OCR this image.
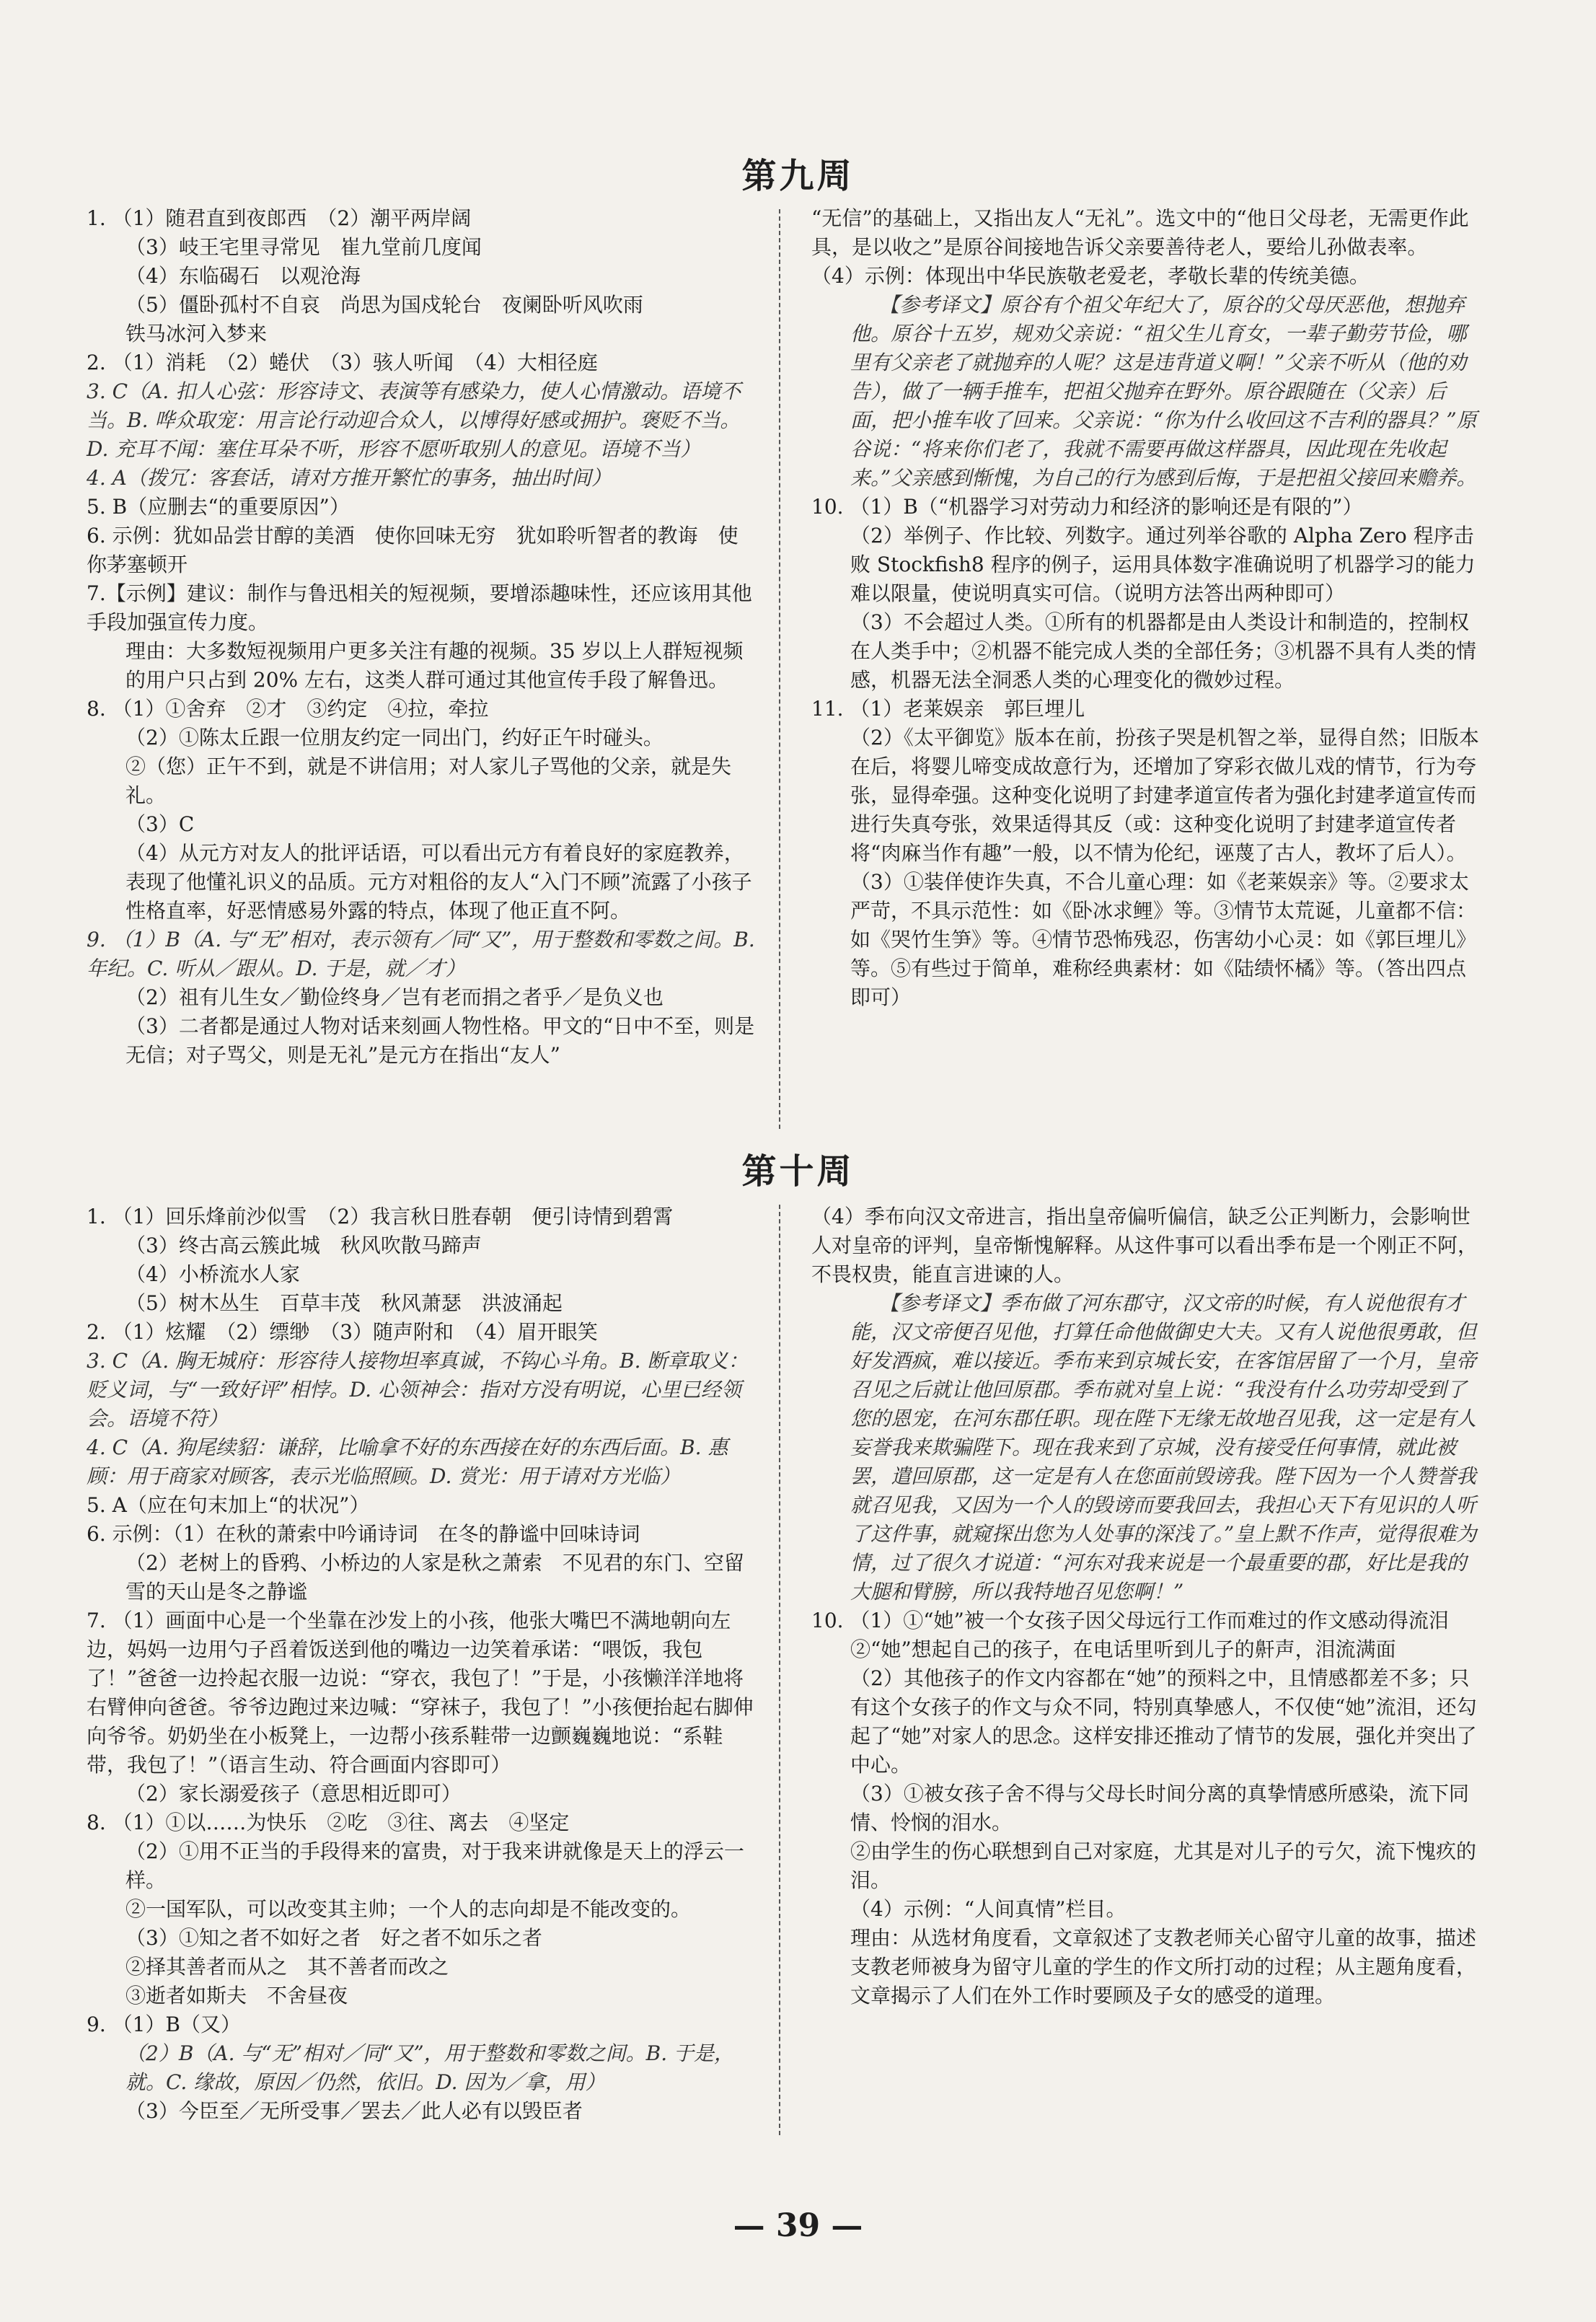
第九周

1. （1）随君直到夜郎西　（2）潮平两岸阔

（3）岐王宅里寻常见　崔九堂前几度闻

（4）东临碣石　以观沧海

（5）僵卧孤村不自哀　尚思为国戍轮台　夜阑卧听风吹雨

铁马冰河入梦来

2. （1）消耗　（2）蜷伏　（3）骇人听闻　（4）大相径庭

3. C（A. 扣人心弦：形容诗文、表演等有感染力，使人心情激动。语境不当。B. 哗众取宠：用言论行动迎合众人，以博得好感或拥护。褒贬不当。D. 充耳不闻：塞住耳朵不听，形容不愿听取别人的意见。语境不当）

4. A（拨冗：客套话，请对方推开繁忙的事务，抽出时间）

5. B（应删去“的重要原因”）

6. 示例：犹如品尝甘醇的美酒　使你回味无穷　犹如聆听智者的教诲　使你茅塞顿开

7.【示例】建议：制作与鲁迅相关的短视频，要增添趣味性，还应该用其他手段加强宣传力度。

理由：大多数短视频用户更多关注有趣的视频。35 岁以上人群短视频的用户只占到 20% 左右，这类人群可通过其他宣传手段了解鲁迅。

8. （1）①舍弃　②才　③约定　④拉，牵拉

（2）①陈太丘跟一位朋友约定一同出门，约好正午时碰头。

②（您）正午不到，就是不讲信用；对人家儿子骂他的父亲，就是失礼。

（3）C

（4）从元方对友人的批评话语，可以看出元方有着良好的家庭教养，表现了他懂礼识义的品质。元方对粗俗的友人“入门不顾”流露了小孩子性格直率，好恶情感易外露的特点，体现了他正直不阿。

9. （1）B（A. 与“无”相对，表示领有／同“又”，用于整数和零数之间。B. 年纪。C. 听从／跟从。D. 于是，就／才）

（2）祖有儿生女／勤俭终身／岂有老而捐之者乎／是负义也

（3）二者都是通过人物对话来刻画人物性格。甲文的“日中不至，则是无信；对子骂父，则是无礼”是元方在指出“友人”

“无信”的基础上，又指出友人“无礼”。选文中的“他日父母老，无需更作此具，是以收之”是原谷间接地告诉父亲要善待老人，要给儿孙做表率。

（4）示例：体现出中华民族敬老爱老，孝敬长辈的传统美德。

【参考译文】原谷有个祖父年纪大了，原谷的父母厌恶他，想抛弃他。原谷十五岁，规劝父亲说：“祖父生儿育女，一辈子勤劳节俭，哪里有父亲老了就抛弃的人呢？这是违背道义啊！”父亲不听从（他的劝告），做了一辆手推车，把祖父抛弃在野外。原谷跟随在（父亲）后面，把小推车收了回来。父亲说：“你为什么收回这不吉利的器具？”原谷说：“将来你们老了，我就不需要再做这样器具，因此现在先收起来。”父亲感到惭愧，为自己的行为感到后悔，于是把祖父接回来赡养。

10. （1）B（“机器学习对劳动力和经济的影响还是有限的”）

（2）举例子、作比较、列数字。通过列举谷歌的 Alpha Zero 程序击败 Stockfish8 程序的例子，运用具体数字准确说明了机器学习的能力难以限量，使说明真实可信。（说明方法答出两种即可）

（3）不会超过人类。①所有的机器都是由人类设计和制造的，控制权在人类手中；②机器不能完成人类的全部任务；③机器不具有人类的情感，机器无法全洞悉人类的心理变化的微妙过程。

11. （1）老莱娱亲　郭巨埋儿

（2）《太平御览》版本在前，扮孩子哭是机智之举，显得自然；旧版本在后，将婴儿啼变成故意行为，还增加了穿彩衣做儿戏的情节，行为夸张，显得牵强。这种变化说明了封建孝道宣传者为强化封建孝道宣传而进行失真夸张，效果适得其反（或：这种变化说明了封建孝道宣传者将“肉麻当作有趣”一般，以不情为伦纪，诬蔑了古人，教坏了后人）。

（3）①装佯使诈失真，不合儿童心理：如《老莱娱亲》等。②要求太严苛，不具示范性：如《卧冰求鲤》等。③情节太荒诞，儿童都不信：如《哭竹生笋》等。④情节恐怖残忍，伤害幼小心灵：如《郭巨埋儿》等。⑤有些过于简单，难称经典素材：如《陆绩怀橘》等。（答出四点即可）

第十周

1. （1）回乐烽前沙似雪　（2）我言秋日胜春朝　便引诗情到碧霄

（3）终古高云簇此城　秋风吹散马蹄声

（4）小桥流水人家

（5）树木丛生　百草丰茂　秋风萧瑟　洪波涌起

2. （1）炫耀　（2）缥缈　（3）随声附和　（4）眉开眼笑

3. C（A. 胸无城府：形容待人接物坦率真诚，不钩心斗角。B. 断章取义：贬义词，与“一致好评”相悖。D. 心领神会：指对方没有明说，心里已经领会。语境不符）

4. C（A. 狗尾续貂：谦辞，比喻拿不好的东西接在好的东西后面。B. 惠顾：用于商家对顾客，表示光临照顾。D. 赏光：用于请对方光临）

5. A（应在句末加上“的状况”）

6. 示例：（1）在秋的萧索中吟诵诗词　在冬的静谧中回味诗词

（2）老树上的昏鸦、小桥边的人家是秋之萧索　不见君的东门、空留雪的天山是冬之静谧

7. （1）画面中心是一个坐靠在沙发上的小孩，他张大嘴巴不满地朝向左边，妈妈一边用勺子舀着饭送到他的嘴边一边笑着承诺：“喂饭，我包了！”爸爸一边拎起衣服一边说：“穿衣，我包了！”于是，小孩懒洋洋地将右臂伸向爸爸。爷爷边跑过来边喊：“穿袜子，我包了！”小孩便抬起右脚伸向爷爷。奶奶坐在小板凳上，一边帮小孩系鞋带一边颤巍巍地说：“系鞋带，我包了！”（语言生动、符合画面内容即可）

（2）家长溺爱孩子（意思相近即可）

8. （1）①以……为快乐　②吃　③往、离去　④坚定

（2）①用不正当的手段得来的富贵，对于我来讲就像是天上的浮云一样。

②一国军队，可以改变其主帅；一个人的志向却是不能改变的。

（3）①知之者不如好之者　好之者不如乐之者

②择其善者而从之　其不善者而改之

③逝者如斯夫　不舍昼夜

9. （1）B（又）

（2）B（A. 与“无”相对／同“又”，用于整数和零数之间。B. 于是，就。C. 缘故，原因／仍然，依旧。D. 因为／拿，用）

（3）今臣至／无所受事／罢去／此人必有以毁臣者

（4）季布向汉文帝进言，指出皇帝偏听偏信，缺乏公正判断力，会影响世人对皇帝的评判，皇帝惭愧解释。从这件事可以看出季布是一个刚正不阿，不畏权贵，能直言进谏的人。

【参考译文】季布做了河东郡守，汉文帝的时候，有人说他很有才能，汉文帝便召见他，打算任命他做御史大夫。又有人说他很勇敢，但好发酒疯，难以接近。季布来到京城长安，在客馆居留了一个月，皇帝召见之后就让他回原郡。季布就对皇上说：“我没有什么功劳却受到了您的恩宠，在河东郡任职。现在陛下无缘无故地召见我，这一定是有人妄誉我来欺骗陛下。现在我来到了京城，没有接受任何事情，就此被罢，遣回原郡，这一定是有人在您面前毁谤我。陛下因为一个人赞誉我就召见我，又因为一个人的毁谤而要我回去，我担心天下有见识的人听了这件事，就窥探出您为人处事的深浅了。”皇上默不作声，觉得很难为情，过了很久才说道：“河东对我来说是一个最重要的郡，好比是我的大腿和臂膀，所以我特地召见您啊！”

10. （1）①“她”被一个女孩子因父母远行工作而难过的作文感动得流泪

②“她”想起自己的孩子，在电话里听到儿子的鼾声，泪流满面

（2）其他孩子的作文内容都在“她”的预料之中，且情感都差不多；只有这个女孩子的作文与众不同，特别真挚感人，不仅使“她”流泪，还勾起了“她”对家人的思念。这样安排还推动了情节的发展，强化并突出了中心。

（3）①被女孩子舍不得与父母长时间分离的真挚情感所感染，流下同情、怜悯的泪水。

②由学生的伤心联想到自己对家庭，尤其是对儿子的亏欠，流下愧疚的泪。

（4）示例：“人间真情”栏目。

理由：从选材角度看，文章叙述了支教老师关心留守儿童的故事，描述支教老师被身为留守儿童的学生的作文所打动的过程；从主题角度看，文章揭示了人们在外工作时要顾及子女的感受的道理。

— 39 —
